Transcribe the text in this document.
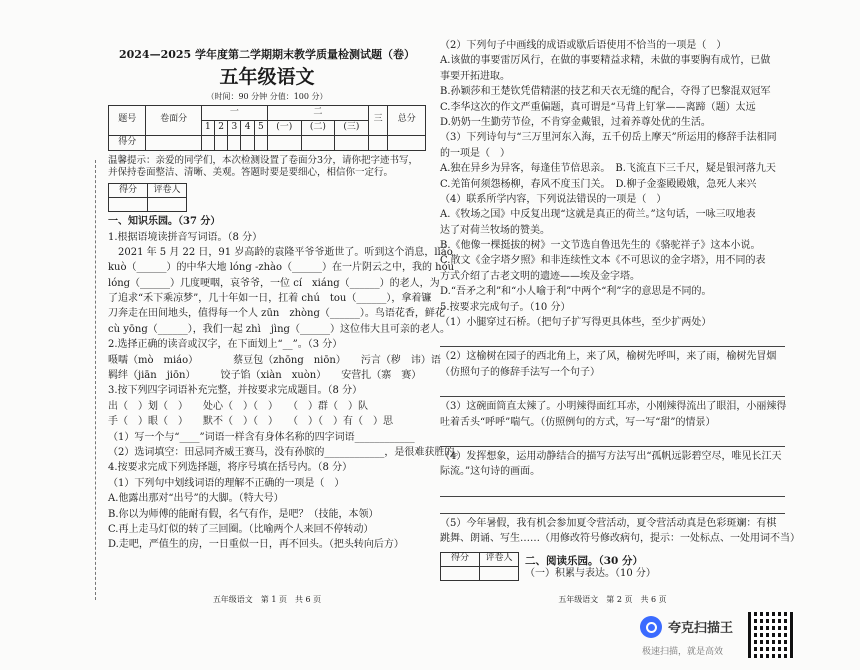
2024—2025 学年度第二学期期末教学质量检测试题（卷）
五年级语文
（时间：90 分钟 分值：100 分）
题号	卷面分	一					二			三	总分
		1	2	3	4	5	(一)	(二)	(三)		
得分											
温馨提示：亲爱的同学们，本次检测设置了卷面分3分，请你把字迹书写，并保持卷面整洁、清晰、美观。答题时要是要细心，相信你一定行。
得分	评卷人

一、知识乐园。（37 分）
1.根据语境读拼音写词语。（8 分）
　2021 年 5 月 22 日，91 岁高龄的袁隆平爷爷逝世了。听到这个消息，lǐáo
kuò（______）的中华大地 lóng -zhào（______）在一片阴云之中，我的 hóu
lóng（______）几度哽咽，哀爷爷，一位 cí　xiáng（______）的老人，为
了追求“禾下乘凉梦”，几十年如一日，扛着 chú　tou（______），拿着镰
刀奔走在田间地头，值得每一个人 zūn　zhòng（______）。鸟语花香，鲜花
cù yōng（______），我们一起 zhì　jìng（______）这位伟大且可亲的老人。
2.选择正确的读音或汉字，在下面划上“__”。（3 分）
嗫嚅（mò　miáo）　　　　蔡豆包（zhōng　niōn）　　污言（秽　讳）语
羁绊（jiān　jiōn）　　　饺子馅（xiàn　xuòn）　　安营扎（寨　赛）
3.按下列四字词语补充完整，并按要求完成题目。（8 分）
出（　）划（　）　　处心（　）（　）　　（　）群（　）队
手（　）眼（　）　　默不（　）（　）　　（　）（　）有（　）思
（1）写一个与“____”词语一样含有身体名称的四字词语____________
（2）选词填空：田忌同齐威王赛马，没有孙膑的____________，是很难获胜的。
4.按要求完成下列选择题，将序号填在括号内。（8 分）
（1）下列句中划线词语的理解不正确的一项是（　）
A.他露出那对“出号”的大脚。（特大号）
B.你以为师傅的能耐有假，名气有作，是吧？（技能，本领）
C.再上走马灯似的转了三回圈。（比喻两个人来回不停转动）
D.走吧，严值生的房，一日重似一日，再不回头。（把头转向后方）
五年级语文　第 1 页　共 6 页
（2）下列句子中画线的成语或歇后语使用不恰当的一项是（　）
A.该做的事要雷厉风行，在做的事要精益求精，未做的事要胸有成竹，已做
事要开拓进取。
B.孙颖莎和王楚钦凭借精湛的技艺和天衣无缝的配合，夺得了巴黎混双冠军
C.李华这次的作文严重偏题，真可谓是“马背上钉掌——离蹄（题）太远
D.奶奶一生勤劳节俭，不肯穿金戴银，过着养尊处优的生活。
（3）下列诗句与“三万里河东入海，五千仞岳上摩天”所运用的修辞手法相同
的一项是（　）
A.独在异乡为异客，每逢佳节倍思亲。　B.飞流直下三千尺，疑是银河落九天
C.羌笛何须怨杨柳，春风不度玉门关。　D.柳子金銮殿殿娥，急死人来兴
（4）联系所学内容，下列说法错误的一项是（　）
A.《牧场之国》中反复出现“这就是真正的荷兰。”这句话，一咏三叹地表
达了对荷兰牧场的赞美。
B.《他像一棵挺拔的树》一文节选自鲁迅先生的《骆驼祥子》这本小说。
C.散文《金字塔夕照》和非连续性文本《不可思议的金字塔》，用不同的表
方式介绍了古老文明的遗迹——埃及金字塔。
D.“吾矛之利”和“小人喻于利”中两个“利”字的意思是不同的。
5.按要求完成句子。（10 分）
（1）小腿穿过石桥。（把句子扩写得更具体些，至少扩两处）
（2）这榆树在园子的西北角上，来了风，榆树先呼叫，来了雨，榆树先冒烟
（仿照句子的修辞手法写一个句子）
（3）这碗面筒直太辣了。小明辣得面红耳赤，小刚辣得流出了眼泪，小丽辣得
吐着舌头“呼呼”喘气。（仿照例句的方式，写一写“甜”的情景）
（4）发挥想象，运用动静结合的描写方法写出“孤帆远影碧空尽，唯见长江天
际流。”这句诗的画面。
（5）今年暑假，我有机会参加夏令营活动，夏令营活动真是色彩斑斓：有棋
跳舞、朗诵、写生……（用修改符号修改病句，提示：一处标点、一处用词不当）
得分	评卷人
	二、阅读乐园。（30 分）
（一）积累与表达。（10 分）
五年级语文　第 2 页　共 6 页
夸克扫描王
极速扫描，就是高效
